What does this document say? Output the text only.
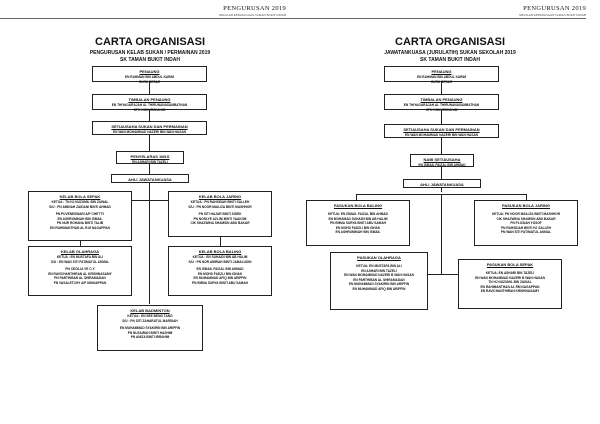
PENGURUSAN 2019
SEKOLAH KEBANGSAAN TAMAN BUKIT INDAH
CARTA ORGANISASI
PENGURUSAN KELAB SUKAN / PERMAINAN 2019
SK TAMAN BUKIT INDAH
PENAUNG
EN RAHMAN BIN ABDUL KARIM
GURU BESAR
TIMBALAN PENAUNG
EN THIYAGARAJAH AL THIRUNANASAMBATHAN
GPK KOKURIKULUM
SETIAUSAHA SUKAN DAN PERMAINAN
EN WAN MOHAMMAD NAZERI BIN WAN HASAN
PENYELARAS 1M1S
EN ASHARI BIN TAZELI
AHLI JAWATANKUASA
KELAB BOLA SEPAK
KETUA : TN HJ NUZUMIL BIN ZAINAL
S/U : PN AMINAH ZAIDANI BINTI AHMAD
PN PUVENESWARI A/P CHETTY
EN ASHRUMINAH BIN ISMAIL
PN NUR ROHANA BINTI TALIB
EN RAHIMANTHAN AL R.M NAGAPPAN
KELAB BOLA JARING
KETUA : PN RAHSIDAH BINTI SALLEH
S/U : PN NOOR MAILIZA BINTI MASHHOR
PN SITI HAJAR BINTI SIDEK
PN NORLYE AZLINI BINTI YAAKOB
CIK SHAZWINA SHAMSIN ABU BAKAR
KELAB OLAHRAGA
KETUA : EN MUSTAFA BIN ALI
S/U : EN WAN SITI FATIMATUL AKMAL
PN CECILIA YE C.Y
EN RAVICHANTHIRAN AL KRISHNASAMY
PN PARTHIBAN AL SHIRAMADAN
PN VASALETCHY A/P MUNIAPPAN
KELAB BOLA BALING
KETUA : EN SUHAIDI BIN AB HALIM
S/U : PN NOR AMIRAH BINTI JAMALUDIN
EN ISMAIL FAIZAL BIN AHMAD
EN MOHD FADZLI BIN ISHAK
EN MUHAMMAD AFIQ BIN ARIFFIN
PN EMMA SURYA BINTI ABU SAMAH
KELAB BADMINTON
KETUA : EN SEE BENG TANG
S/U : PN SITI ZAHARATUL MARDIAH
EN MUHAMMAD SYAKIRIN BIN ARIFFIN
PN NUZAIRAH BINTI HASHIM
PN ANIZA BINTI IBRAHIM
PENGURUSAN 2019
SEKOLAH KEBANGSAAN TAMAN BUKIT INDAH
CARTA ORGANISASI
JAWATANKUASA (JURULATIH) SUKAN SEKOLAH 2019
SK TAMAN BUKIT INDAH
PENAUNG
EN RAHMAN BIN ABDUL KARIM
GURU BESAR
TIMBALAN PENAUNG
EN THIYAGARAJAH AL THIRUNANASAMBATHAN
GPK KOKURIKULUM
SETIAUSAHA SUKAN DAN PERMAINAN
EN WAN MOHAMMAD NAZERI BIN WAN HASAN
NAIB SETIAUSAHA
EN ISMAIL FAIZAL BIN AHMAD
AHLI JAWATANKUASA
PASUKAN BOLA BALING
KETUA: EN ISMAIL FAIZAL BIN AHMAD
EN MOHAMAD SUHAIDI BIN AB HALIM
PN EMMA SURYA BINTI ABU SAMAH
EN MOHD FADZLI BIN ISHAK
EN ASHRUMINAH BIN ISMAIL
PASUKAN BOLA JARING
KETUA: PN NOOR MAILIZA BINTI MASHHOR
CIK SHAZWINA SHAMSIN ABU BAKAR
PN PLOSIAH YUSOF
PN RAHSIDAH BINTI HJ SALLEH
PN WAN SITI FATIMATUL AKMAL
PASUKAN OLAHRAGA
KETUA: EN MUSTAFA BIN ALI
EN ASHARI BIN TAZELI
EN WAN MOHAMMAD NAZERI B WAN HASAN
EN PARTHIBAN AL SHIRAMADAN
EN MUHAMMAD SYAKIRIN BIN ARIFFIN
EN MUHAMMAD AFIQ BIN ARIFFIN
PASUKAN BOLA SEPAK
KETUA: EN ASHARI BIN TAZELI
EN WAN MOHAMMAD NAZERI B WAN HASAN
TN HJ NUZUMIL BIN ZAINAL
EN RAHIMANTHAN AL RM NAGAPPAN
EN RAVICHANTHIRAN KRISHNASAMY
